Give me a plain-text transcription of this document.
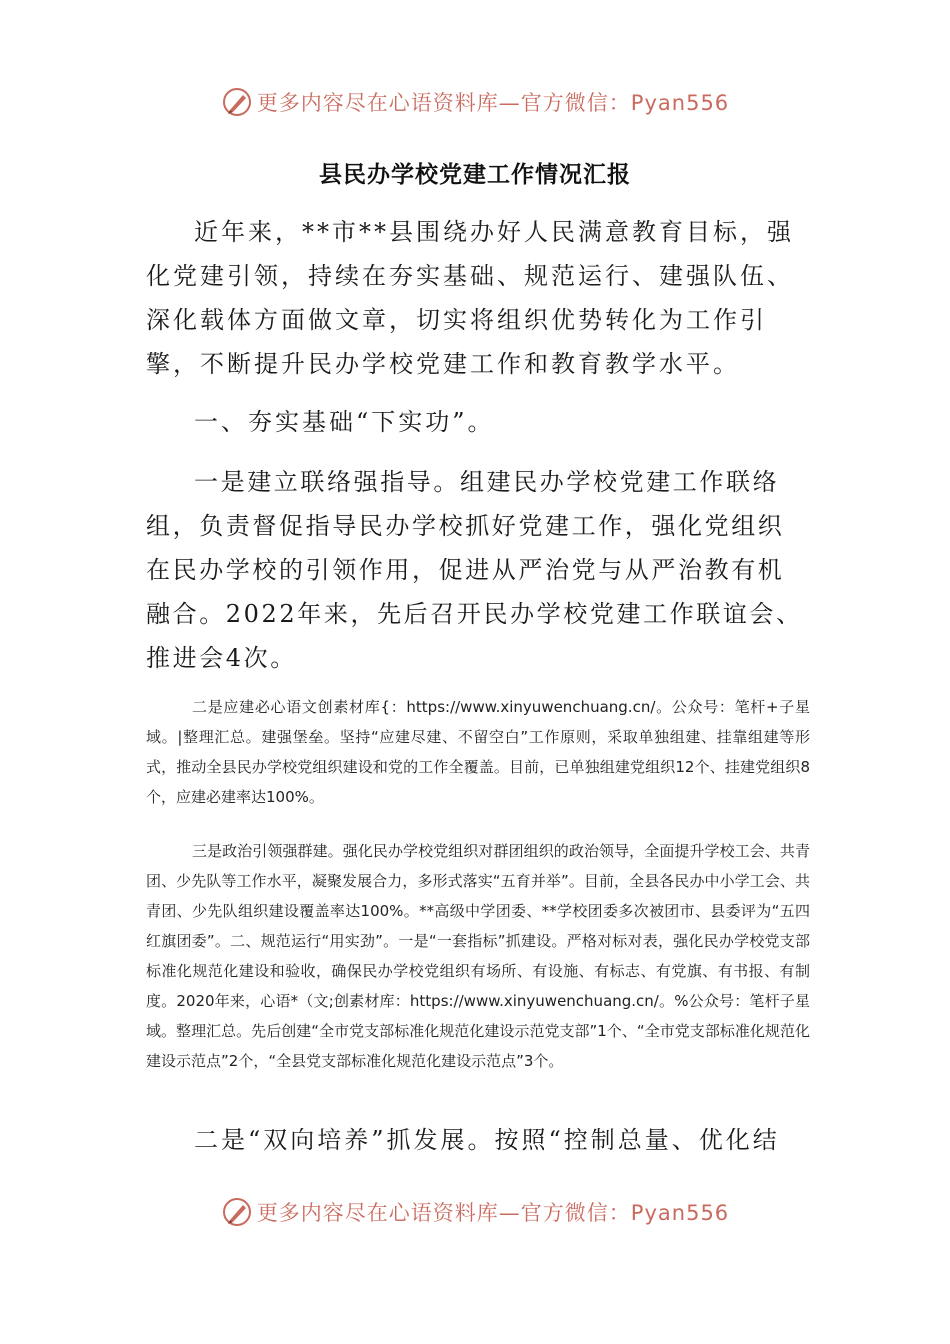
更多内容尽在心语资料库—官方微信：Pyan556
县民办学校党建工作情况汇报

近年来，**市**县围绕办好人民满意教育目标，强化党建引领，持续在夯实基础、规范运行、建强队伍、深化载体方面做文章，切实将组织优势转化为工作引擎，不断提升民办学校党建工作和教育教学水平。

一、夯实基础“下实功”。

一是建立联络强指导。组建民办学校党建工作联络组，负责督促指导民办学校抓好党建工作，强化党组织在民办学校的引领作用，促进从严治党与从严治教有机融合。2022年来，先后召开民办学校党建工作联谊会、推进会4次。

二是应建必心语文创素材库{：https://www.xinyuwenchuang.cn/。公众号：笔杆+子星域。|整理汇总。建强堡垒。坚持“应建尽建、不留空白”工作原则，采取单独组建、挂靠组建等形式，推动全县民办学校党组织建设和党的工作全覆盖。目前，已单独组建党组织12个、挂建党组织8个，应建必建率达100%。

三是政治引领强群建。强化民办学校党组织对群团组织的政治领导，全面提升学校工会、共青团、少先队等工作水平，凝聚发展合力，多形式落实“五育并举”。目前，全县各民办中小学工会、共青团、少先队组织建设覆盖率达100%。**高级中学团委、**学校团委多次被团市、县委评为“五四红旗团委”。二、规范运行“用实劲”。一是“一套指标”抓建设。严格对标对表，强化民办学校党支部标准化规范化建设和验收，确保民办学校党组织有场所、有设施、有标志、有党旗、有书报、有制度。2020年来，心语*（文;创素材库：https://www.xinyuwenchuang.cn/。%公众号：笔杆子星域。整理汇总。先后创建“全市党支部标准化规范化建设示范党支部”1个、“全市党支部标准化规范化建设示范点”2个，“全县党支部标准化规范化建设示范点”3个。

二是“双向培养”抓发展。按照“控制总量、优化结

更多内容尽在心语资料库—官方微信：Pyan556
